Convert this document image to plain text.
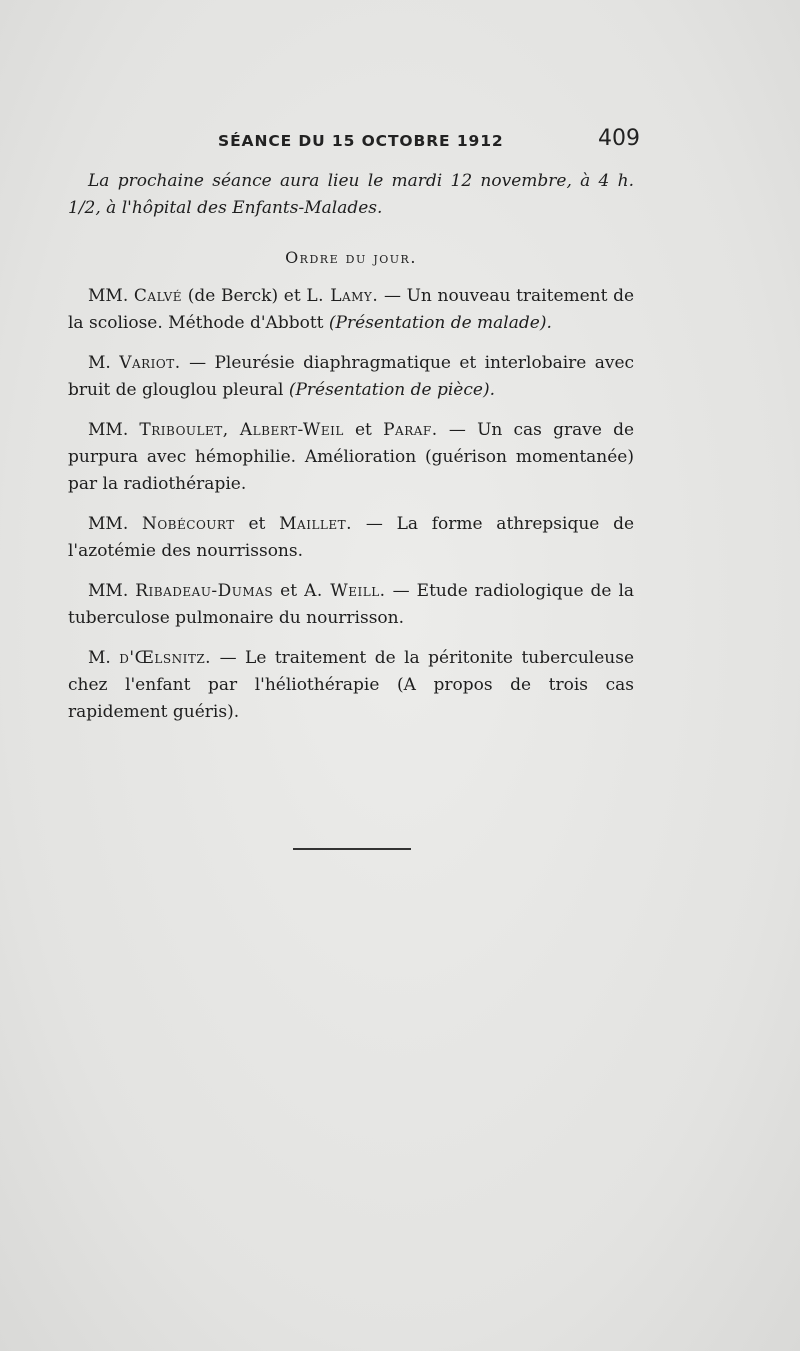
SÉANCE DU 15 OCTOBRE 1912	409

La prochaine séance aura lieu le mardi 12 novembre, à 4 h. 1/2, à l'hôpital des Enfants-Malades.

Ordre du jour.

MM. Calvé (de Berck) et L. Lamy. — Un nouveau traitement de la scoliose. Méthode d'Abbott (Présentation de malade).

M. Variot. — Pleurésie diaphragmatique et interlobaire avec bruit de glouglou pleural (Présentation de pièce).

MM. Triboulet, Albert-Weil et Paraf. — Un cas grave de purpura avec hémophilie. Amélioration (guérison momentanée) par la radiothérapie.

MM. Nobécourt et Maillet. — La forme athrepsique de l'azotémie des nourrissons.

MM. Ribadeau-Dumas et A. Weill. — Etude radiologique de la tuberculose pulmonaire du nourrisson.

M. d'Œlsnitz. — Le traitement de la péritonite tuberculeuse chez l'enfant par l'héliothérapie (A propos de trois cas rapidement guéris).
